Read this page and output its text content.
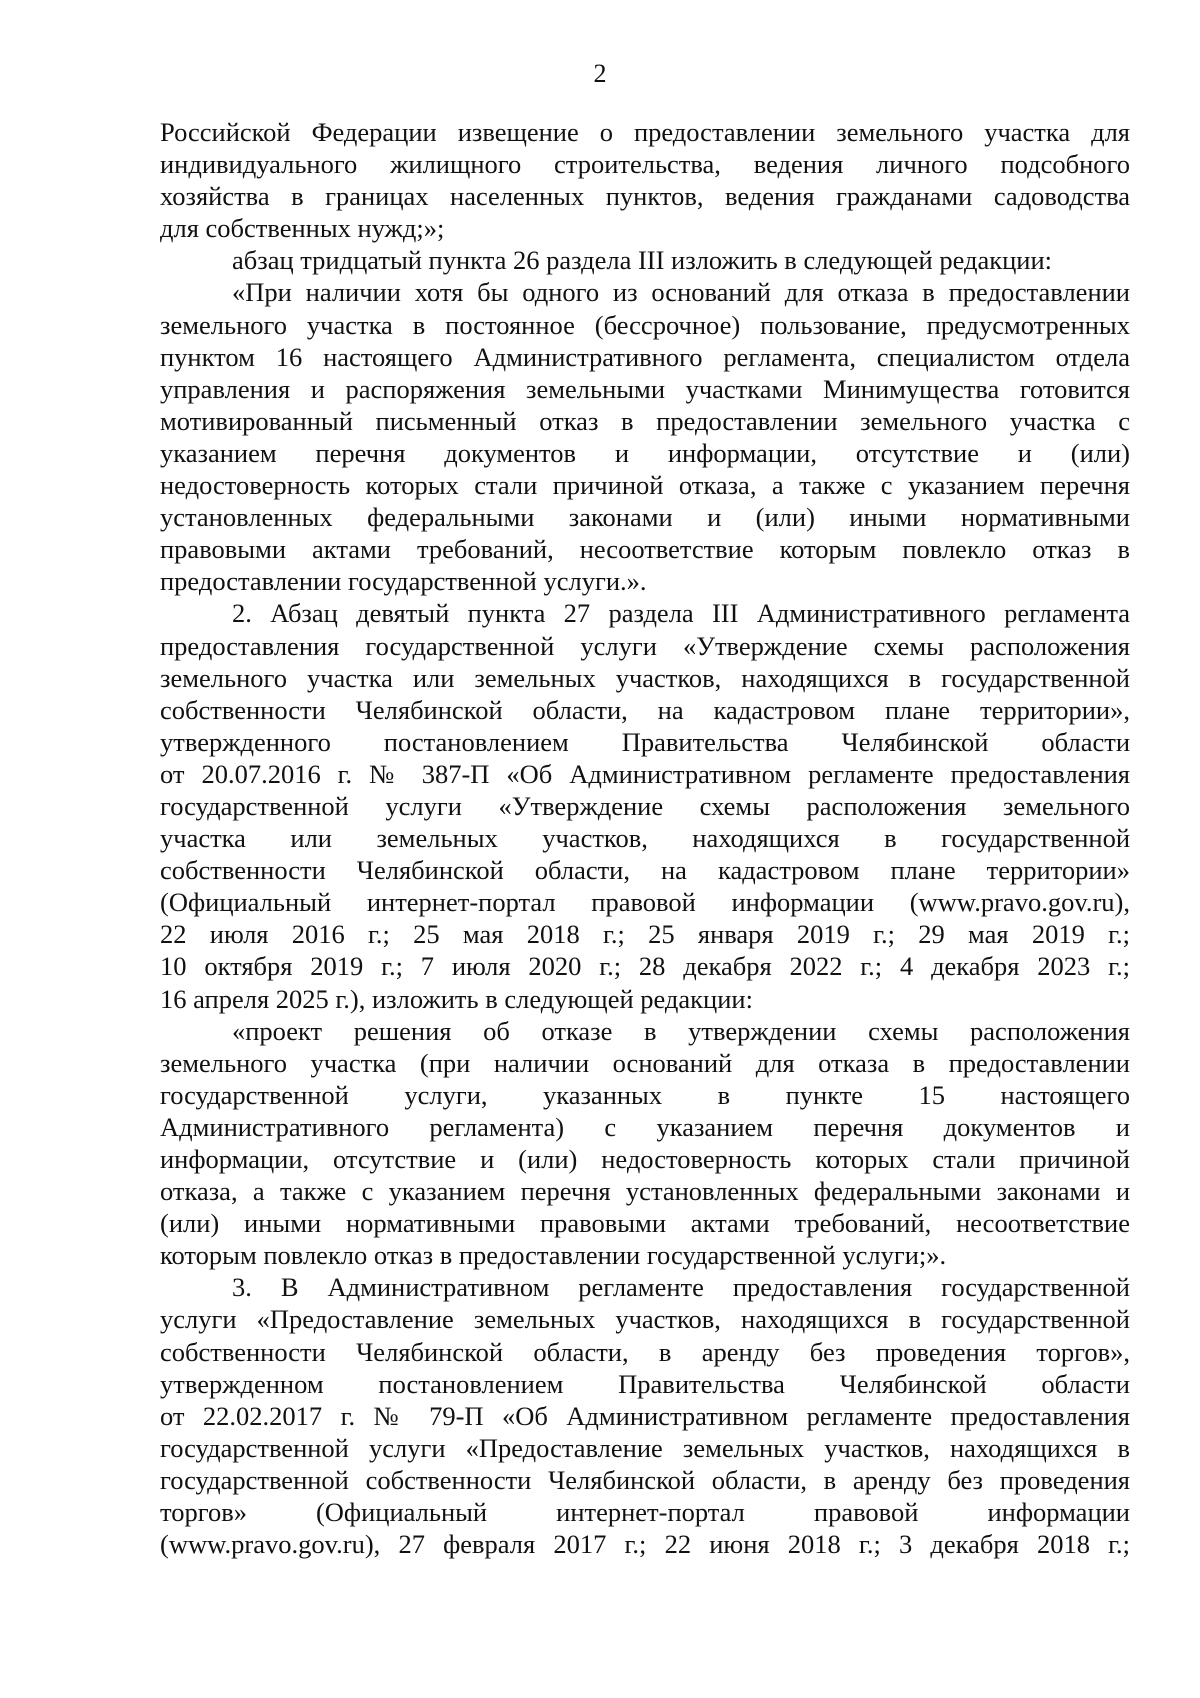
2
Российской Федерации извещение о предоставлении земельного участка для
индивидуального жилищного строительства, ведения личного подсобного
хозяйства в границах населенных пунктов, ведения гражданами садоводства
для собственных нужд;»;
абзац тридцатый пункта 26 раздела III изложить в следующей редакции:
«При наличии хотя бы одного из оснований для отказа в предоставлении
земельного участка в постоянное (бессрочное) пользование, предусмотренных
пунктом 16 настоящего Административного регламента, специалистом отдела
управления и распоряжения земельными участками Минимущества готовится
мотивированный письменный отказ в предоставлении земельного участка с
указанием перечня документов и информации, отсутствие и (или)
недостоверность которых стали причиной отказа, а также с указанием перечня
установленных федеральными законами и (или) иными нормативными
правовыми актами требований, несоответствие которым повлекло отказ в
предоставлении государственной услуги.».
2. Абзац девятый пункта 27 раздела III Административного регламента
предоставления государственной услуги «Утверждение схемы расположения
земельного участка или земельных участков, находящихся в государственной
собственности Челябинской области, на кадастровом плане территории»,
утвержденного постановлением Правительства Челябинской области
от 20.07.2016 г. № 387-П «Об Административном регламенте предоставления
государственной услуги «Утверждение схемы расположения земельного
участка или земельных участков, находящихся в государственной
собственности Челябинской области, на кадастровом плане территории»
(Официальный интернет-портал правовой информации (www.pravo.gov.ru),
22 июля 2016 г.; 25 мая 2018 г.; 25 января 2019 г.; 29 мая 2019 г.;
10 октября 2019 г.; 7 июля 2020 г.; 28 декабря 2022 г.; 4 декабря 2023 г.;
16 апреля 2025 г.), изложить в следующей редакции:
«проект решения об отказе в утверждении схемы расположения
земельного участка (при наличии оснований для отказа в предоставлении
государственной услуги, указанных в пункте 15 настоящего
Административного регламента) с указанием перечня документов и
информации, отсутствие и (или) недостоверность которых стали причиной
отказа, а также с указанием перечня установленных федеральными законами и
(или) иными нормативными правовыми актами требований, несоответствие
которым повлекло отказ в предоставлении государственной услуги;».
3. В Административном регламенте предоставления государственной
услуги «Предоставление земельных участков, находящихся в государственной
собственности Челябинской области, в аренду без проведения торгов»,
утвержденном постановлением Правительства Челябинской области
от 22.02.2017 г. № 79-П «Об Административном регламенте предоставления
государственной услуги «Предоставление земельных участков, находящихся в
государственной собственности Челябинской области, в аренду без проведения
торгов» (Официальный интернет-портал правовой информации
(www.pravo.gov.ru), 27 февраля 2017 г.; 22 июня 2018 г.; 3 декабря 2018 г.;
